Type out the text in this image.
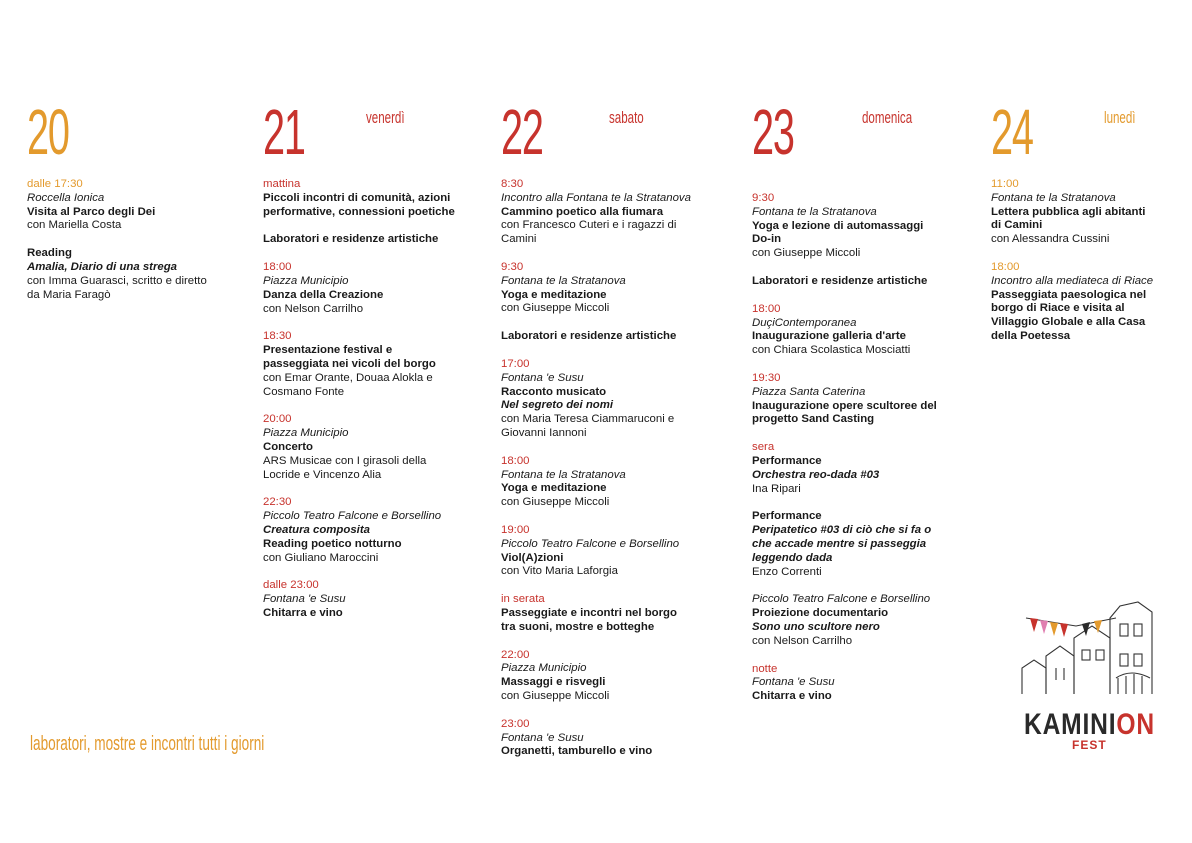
20
dalle 17:30
Roccella Ionica
Visita al Parco degli Dei
con Mariella Costa
Reading
Amalia, Diario di una strega
con Imma Guarasci, scritto e diretto
da Maria Faragò
21	venerdì
mattina
Piccoli incontri di comunità, azioni
performative, connessioni poetiche
Laboratori e residenze artistiche
18:00
Piazza Municipio
Danza della Creazione
con Nelson Carrilho
18:30
Presentazione festival e
passeggiata nei vicoli del borgo
con Emar Orante, Douaa Alokla e
Cosmano Fonte
20:00
Piazza Municipio
Concerto
ARS Musicae con I girasoli della
Locride e Vincenzo Alia
22:30
Piccolo Teatro Falcone e Borsellino
Creatura composita
Reading poetico notturno
con Giuliano Maroccini
dalle 23:00
Fontana 'e Susu
Chitarra e vino
22	sabato
8:30
Incontro alla Fontana te la Stratanova
Cammino poetico alla fiumara
con Francesco Cuteri e i ragazzi di
Camini
9:30
Fontana te la Stratanova
Yoga e meditazione
con Giuseppe Miccoli
Laboratori e residenze artistiche
17:00
Fontana 'e Susu
Racconto musicato
Nel segreto dei nomi
con Maria Teresa Ciammaruconi e
Giovanni Iannoni
18:00
Fontana te la Stratanova
Yoga e meditazione
con Giuseppe Miccoli
19:00
Piccolo Teatro Falcone e Borsellino
Viol(A)zioni
con Vito Maria Laforgia
in serata
Passeggiate e incontri nel borgo
tra suoni, mostre e botteghe
22:00
Piazza Municipio
Massaggi e risvegli
con Giuseppe Miccoli
23:00
Fontana 'e Susu
Organetti, tamburello e vino
23	domenica
9:30
Fontana te la Stratanova
Yoga e lezione di automassaggi
Do-in
con Giuseppe Miccoli
Laboratori e residenze artistiche
18:00
DuçiContemporanea
Inaugurazione galleria d'arte
con Chiara Scolastica Mosciatti
19:30
Piazza Santa Caterina
Inaugurazione opere scultoree del
progetto Sand Casting
sera
Performance
Orchestra reo-dada #03
Ina Ripari
Performance
Peripatetico #03 di ciò che si fa o
che accade mentre si passeggia
leggendo dada
Enzo Correnti
Piccolo Teatro Falcone e Borsellino
Proiezione documentario
Sono uno scultore nero
con Nelson Carrilho
notte
Fontana 'e Susu
Chitarra e vino
24	lunedì
11:00
Fontana te la Stratanova
Lettera pubblica agli abitanti
di Camini
con Alessandra Cussini
18:00
Incontro alla mediateca di Riace
Passeggiata paesologica nel
borgo di Riace e visita al
Villaggio Globale e alla Casa
della Poetessa
laboratori, mostre e incontri tutti i giorni
KAMINION
FEST
